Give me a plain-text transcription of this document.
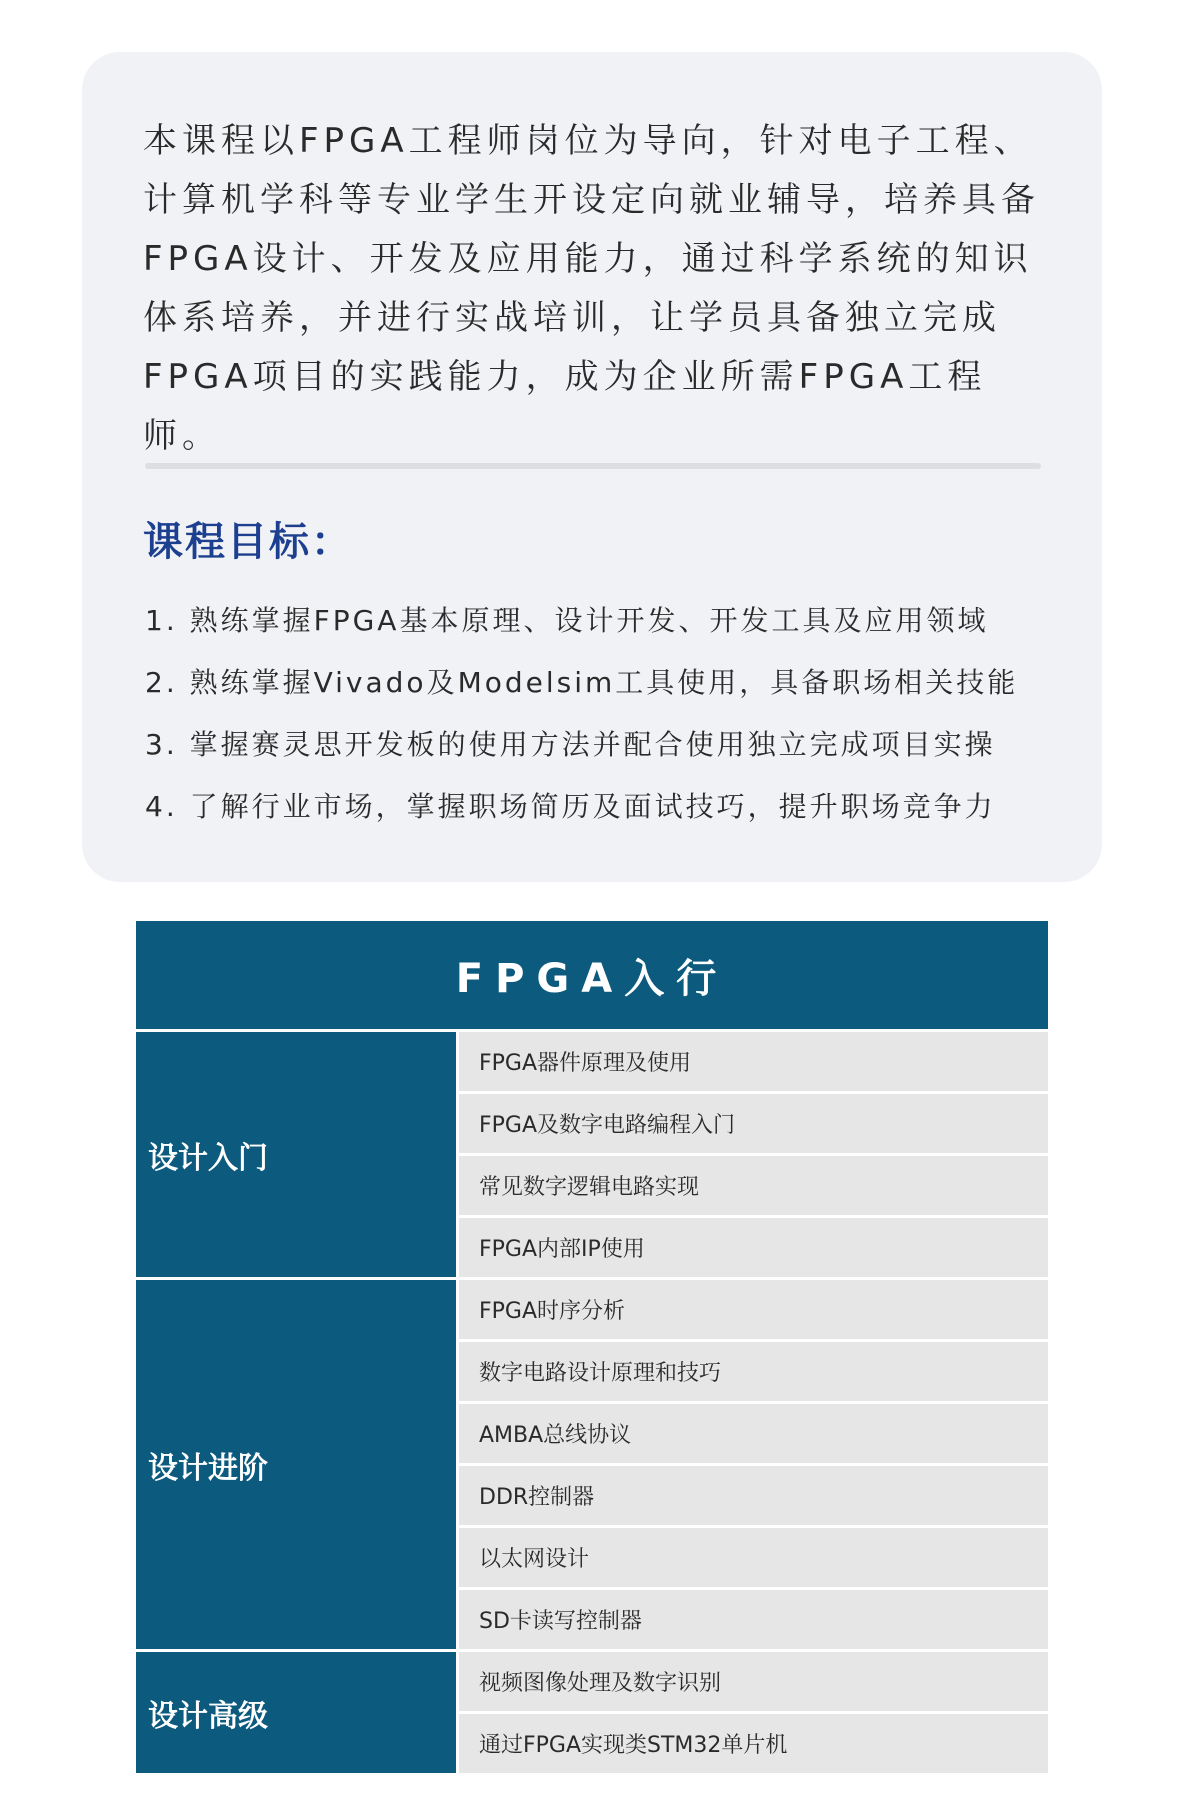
本课程以FPGA工程师岗位为导向，针对电子工程、
计算机学科等专业学生开设定向就业辅导，培养具备
FPGA设计、开发及应用能力，通过科学系统的知识
体系培养，并进行实战培训，让学员具备独立完成
FPGA项目的实践能力，成为企业所需FPGA工程师。
课程目标：
1. 熟练掌握FPGA基本原理、设计开发、开发工具及应用领域
2. 熟练掌握Vivado及Modelsim工具使用，具备职场相关技能
3. 掌握赛灵思开发板的使用方法并配合使用独立完成项目实操
4. 了解行业市场，掌握职场简历及面试技巧，提升职场竞争力
FPGA入行
设计入门
FPGA器件原理及使用
FPGA及数字电路编程入门
常见数字逻辑电路实现
FPGA内部IP使用
设计进阶
FPGA时序分析
数字电路设计原理和技巧
AMBA总线协议
DDR控制器
以太网设计
SD卡读写控制器
设计高级
视频图像处理及数字识别
通过FPGA实现类STM32单片机
